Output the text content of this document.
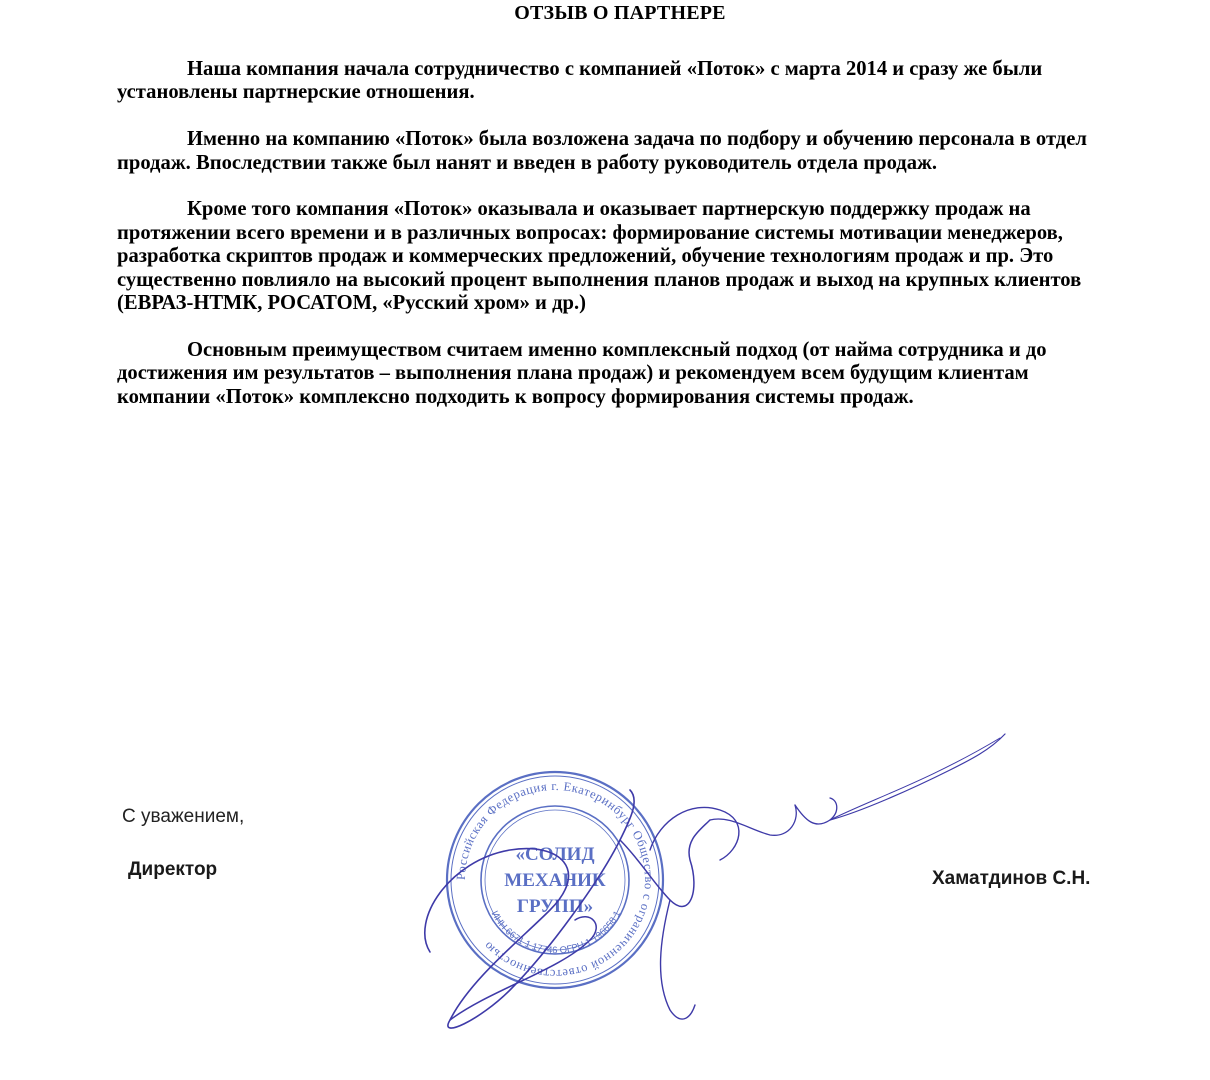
ОТЗЫВ О ПАРТНЕРЕ

Наша компания начала сотрудничество с компанией «Поток» с марта 2014 и сразу же были установлены партнерские отношения.

Именно на компанию «Поток» была возложена задача по подбору и обучению персонала в отдел продаж. Впоследствии также был нанят и введен в работу руководитель отдела продаж.

Кроме того компания «Поток» оказывала и оказывает партнерскую поддержку продаж на протяжении всего времени и в различных вопросах: формирование системы мотивации менеджеров, разработка скриптов продаж и коммерческих предложений, обучение технологиям продаж и пр. Это существенно повлияло на высокий процент выполнения планов продаж и выход на крупных клиентов (ЕВРАЗ-НТМК, РОСАТОМ, «Русский хром» и др.)

Основным преимуществом считаем именно комплексный подход (от найма сотрудника и до достижения им результатов – выполнения плана продаж) и рекомендуем всем будущим клиентам компании «Поток» комплексно подходить к вопросу формирования системы продаж.

С уважением,

Директор	Хаматдинов С.Н.

Российская Федерация г. Екатеринбург Общество с ограниченной ответственностью
«СОЛИД
МЕХАНИК
ГРУПП»
ИНН 6671 1 17746 ОГРН 1 196658 1 5035
